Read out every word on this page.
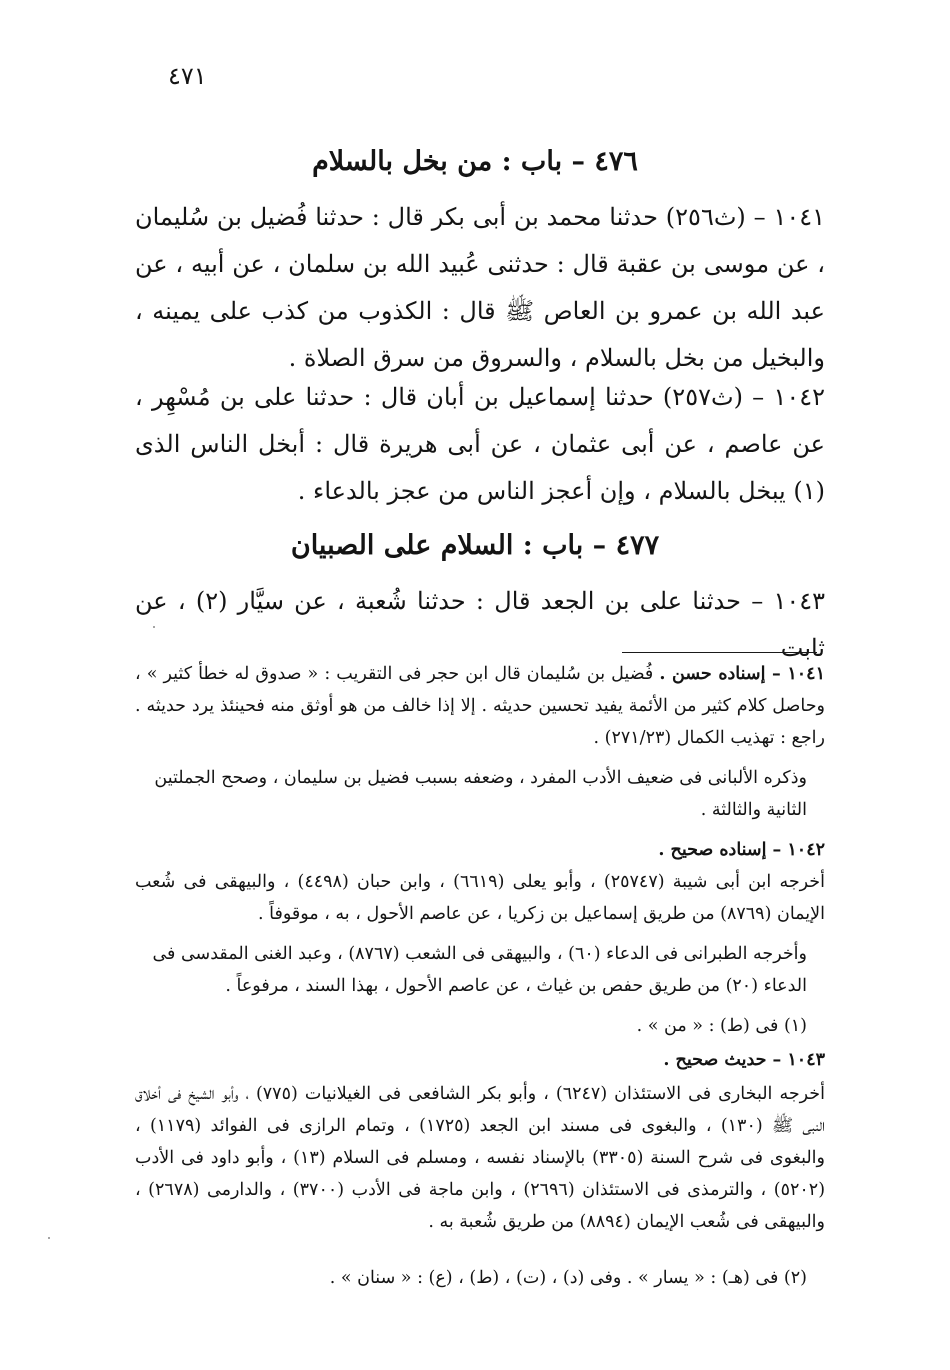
٤٧١
٤٧٦ – باب : من بخل بالسلام
١٠٤١ – (ث٢٥٦) حدثنا محمد بن أبى بكر قال : حدثنا فُضيل بن سُليمان ، عن موسى بن عقبة قال : حدثنى عُبيد الله بن سلمان ، عن أبيه ، عن عبد الله بن عمرو بن العاص ﷺ قال : الكذوب من كذب على يمينه ، والبخيل من بخل بالسلام ، والسروق من سرق الصلاة .
١٠٤٢ – (ث٢٥٧) حدثنا إسماعيل بن أبان قال : حدثنا على بن مُسْهِر ، عن عاصم ، عن أبى عثمان ، عن أبى هريرة قال : أبخل الناس الذى (١) يبخل بالسلام ، وإن أعجز الناس من عجز بالدعاء .
٤٧٧ – باب : السلام على الصبيان
١٠٤٣ – حدثنا على بن الجعد قال : حدثنا شُعبة ، عن سيَّار (٢) ، عن ثابت
١٠٤١ – إسناده حسن . فُضيل بن سُليمان قال ابن حجر فى التقريب : « صدوق له خطأ كثير » ، وحاصل كلام كثير من الأئمة يفيد تحسين حديثه . إلا إذا خالف من هو أوثق منه فحينئذ يرد حديثه . راجع : تهذيب الكمال (٢٧١/٢٣) .
وذكره الألبانى فى ضعيف الأدب المفرد ، وضعفه بسبب فضيل بن سليمان ، وصحح الجملتين الثانية والثالثة .
١٠٤٢ – إسناده صحيح .
أخرجه ابن أبى شيبة (٢٥٧٤٧) ، وأبو يعلى (٦٦١٩) ، وابن حبان (٤٤٩٨) ، والبيهقى فى شُعب الإيمان (٨٧٦٩) من طريق إسماعيل بن زكريا ، عن عاصم الأحول ، به ، موقوفاً .
وأخرجه الطبرانى فى الدعاء (٦٠) ، والبيهقى فى الشعب (٨٧٦٧) ، وعبد الغنى المقدسى فى الدعاء (٢٠) من طريق حفص بن غياث ، عن عاصم الأحول ، بهذا السند ، مرفوعاً .
(١) فى (ط) : « من » .
١٠٤٣ – حديث صحيح .
أخرجه البخارى فى الاستئذان (٦٢٤٧) ، وأبو بكر الشافعى فى الغيلانيات (٧٧٥) ، وأبو الشيخ فى أخلاق النبى ﷺ (١٣٠) ، والبغوى فى مسند ابن الجعد (١٧٢٥) ، وتمام الرازى فى الفوائد (١١٧٩) ، والبغوى فى شرح السنة (٣٣٠٥) بالإسناد نفسه ، ومسلم فى السلام (١٣) ، وأبو داود فى الأدب (٥٢٠٢) ، والترمذى فى الاستئذان (٢٦٩٦) ، وابن ماجة فى الأدب (٣٧٠٠) ، والدارمى (٢٦٧٨) ، والبيهقى فى شُعب الإيمان (٨٨٩٤) من طريق شُعبة به .
(٢) فى (هـ) : « يسار » . وفى (د) ، (ت) ، (ط) ، (ع) : « سنان » .
